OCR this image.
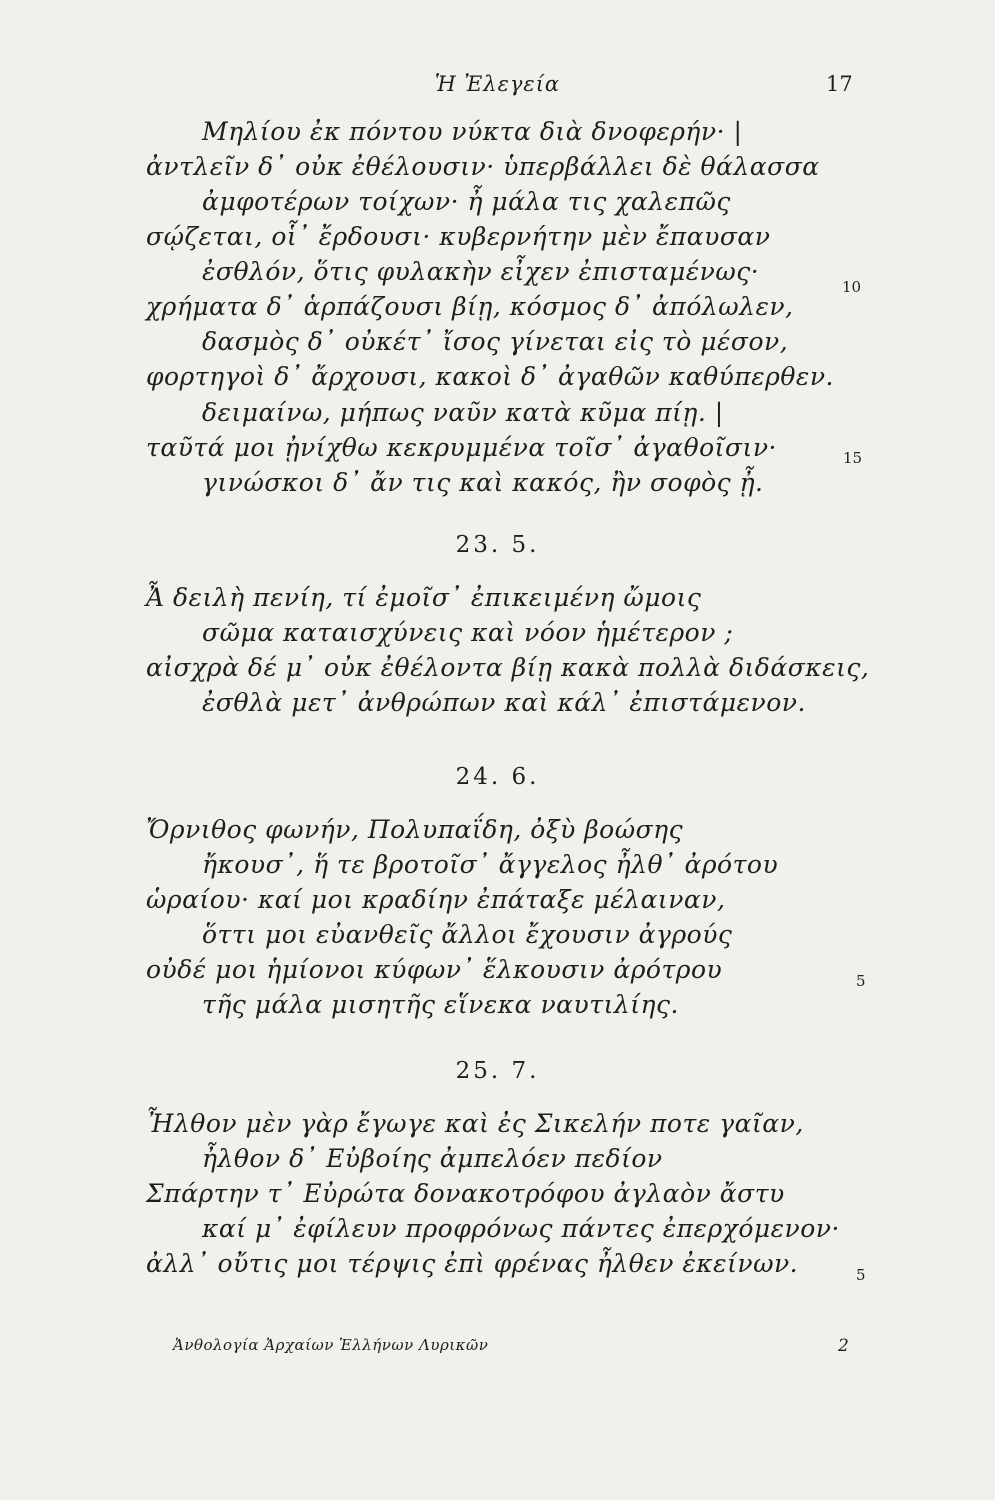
Ἡ Ἐλεγεία	17
Μηλίου ἐκ πόντου νύκτα διὰ δνοφερήν· |
ἀντλεῖν δ᾽ οὐκ ἐθέλουσιν· ὑπερβάλλει δὲ θάλασσα
ἀμφοτέρων τοίχων· ἦ μάλα τις χαλεπῶς
σῴζεται, οἷ᾽ ἔρδουσι· κυβερνήτην μὲν ἔπαυσαν
ἐσθλόν, ὅτις φυλακὴν εἶχεν ἐπισταμένως·
10
χρήματα δ᾽ ἁρπάζουσι βίῃ, κόσμος δ᾽ ἀπόλωλεν,
δασμὸς δ᾽ οὐκέτ᾽ ἴσος γίνεται εἰς τὸ μέσον,
φορτηγοὶ δ᾽ ἄρχουσι, κακοὶ δ᾽ ἀγαθῶν καθύπερθεν.
δειμαίνω, μήπως ναῦν κατὰ κῦμα πίῃ. |
ταῦτά μοι ᾐνίχθω κεκρυμμένα τοῖσ᾽ ἀγαθοῖσιν·	15
γινώσκοι δ᾽ ἄν τις καὶ κακός, ἢν σοφὸς ᾖ.
23. 5.
Ἆ δειλὴ πενίη, τί ἐμοῖσ᾽ ἐπικειμένη ὤμοις
σῶμα καταισχύνεις καὶ νόον ἡμέτερον ;
αἰσχρὰ δέ μ᾽ οὐκ ἐθέλοντα βίῃ κακὰ πολλὰ διδάσκεις,
ἐσθλὰ μετ᾽ ἀνθρώπων καὶ κάλ᾽ ἐπιστάμενον.
24. 6.
Ὄρνιθος φωνήν, Πολυπαΐδη, ὀξὺ βοώσης
ἤκουσ᾽, ἥ τε βροτοῖσ᾽ ἄγγελος ἦλθ᾽ ἀρότου
ὡραίου· καί μοι κραδίην ἐπάταξε μέλαιναν,
ὅττι μοι εὐανθεῖς ἄλλοι ἔχουσιν ἀγρούς
οὐδέ μοι ἡμίονοι κύφων᾽ ἕλκουσιν ἀρότρου	5
τῆς μάλα μισητῆς εἵνεκα ναυτιλίης.
25. 7.
Ἦλθον μὲν γὰρ ἔγωγε καὶ ἐς Σικελήν ποτε γαῖαν,
ἦλθον δ᾽ Εὐβοίης ἀμπελόεν πεδίον
Σπάρτην τ᾽ Εὐρώτα δονακοτρόφου ἀγλαὸν ἄστυ
καί μ᾽ ἐφίλευν προφρόνως πάντες ἐπερχόμενον·
ἀλλ᾽ οὔτις μοι τέρψις ἐπὶ φρένας ἦλθεν ἐκείνων.	5
Ἀνθολογία Ἀρχαίων Ἑλλήνων Λυρικῶν	2
